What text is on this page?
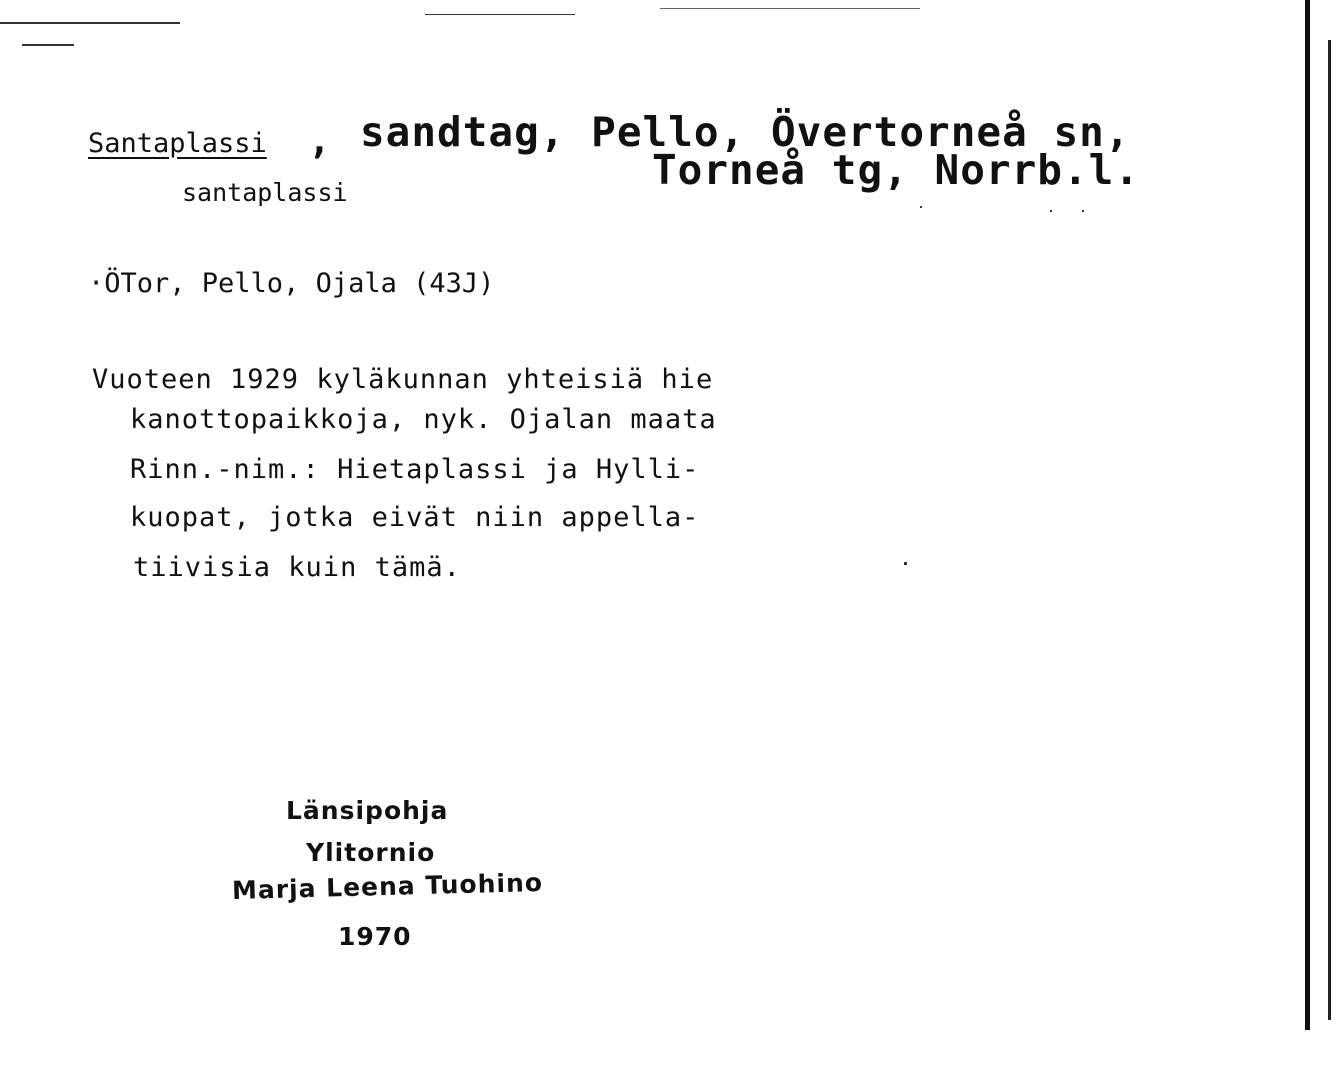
Santaplassi , sandtag, Pello, Övertorneå sn,
Torneå tg, Norrb.l.
santaplassi
·ÖTor, Pello, Ojala (43J)
Vuoteen 1929 kyläkunnan yhteisiä hie
kanottopaikkoja, nyk. Ojalan maata
Rinn.-nim.: Hietaplassi ja Hylli-
kuopat, jotka eivät niin appella-
tiivisia kuin tämä.
Länsipohja
Ylitornio
Marja Leena Tuohino
1970
